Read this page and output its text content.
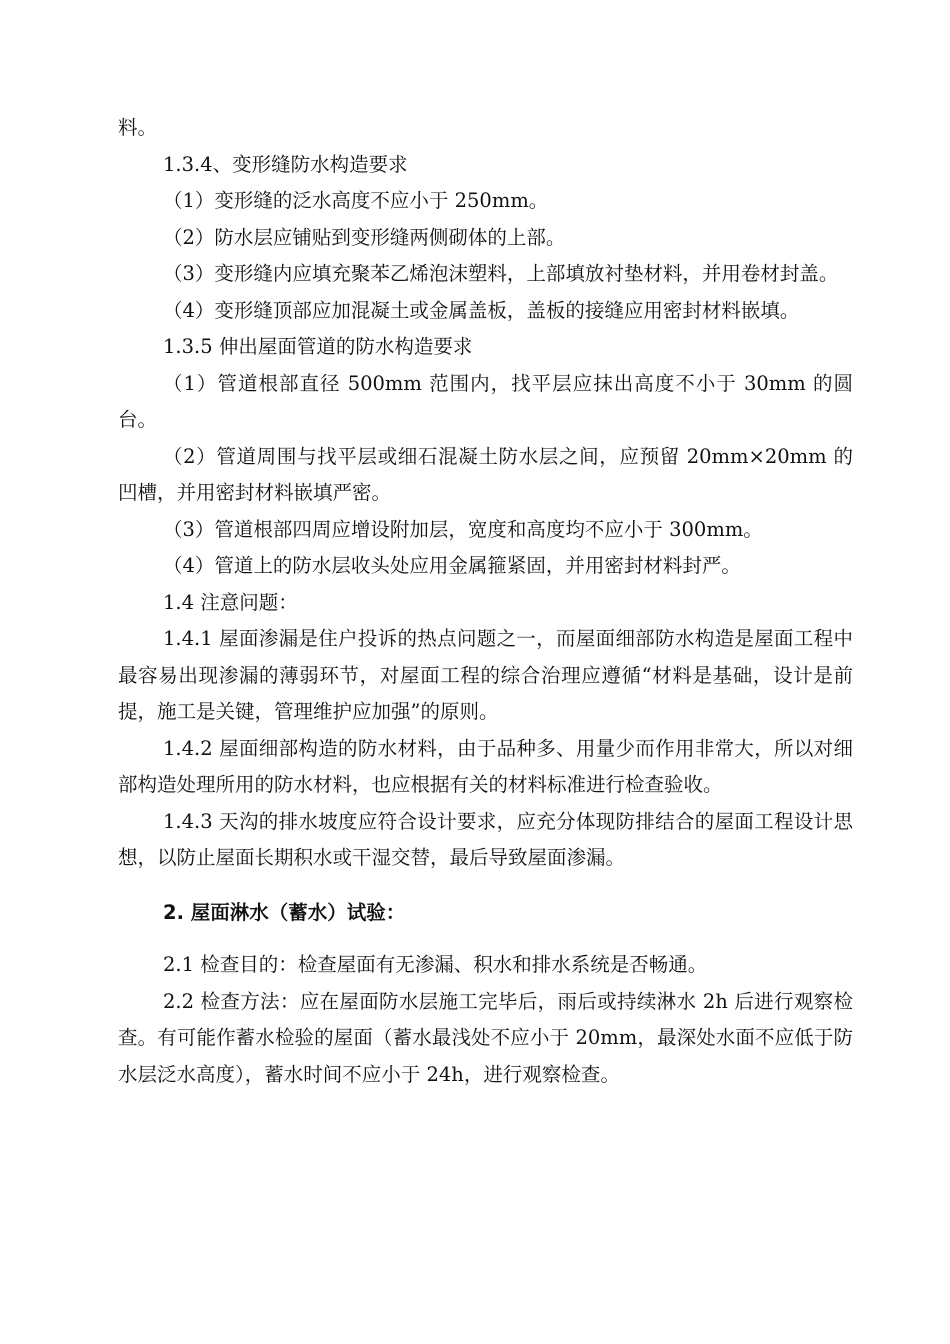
料。

1.3.4、变形缝防水构造要求

（1）变形缝的泛水高度不应小于 250mm。

（2）防水层应铺贴到变形缝两侧砌体的上部。

（3）变形缝内应填充聚苯乙烯泡沫塑料，上部填放衬垫材料，并用卷材封盖。

（4）变形缝顶部应加混凝土或金属盖板，盖板的接缝应用密封材料嵌填。

1.3.5 伸出屋面管道的防水构造要求

（1）管道根部直径 500mm 范围内，找平层应抹出高度不小于 30mm 的圆台。

（2）管道周围与找平层或细石混凝土防水层之间，应预留 20mm×20mm 的凹槽，并用密封材料嵌填严密。

（3）管道根部四周应增设附加层，宽度和高度均不应小于 300mm。

（4）管道上的防水层收头处应用金属箍紧固，并用密封材料封严。

1.4 注意问题：

1.4.1 屋面渗漏是住户投诉的热点问题之一，而屋面细部防水构造是屋面工程中最容易出现渗漏的薄弱环节，对屋面工程的综合治理应遵循“材料是基础，设计是前提，施工是关键，管理维护应加强”的原则。

1.4.2 屋面细部构造的防水材料，由于品种多、用量少而作用非常大，所以对细部构造处理所用的防水材料，也应根据有关的材料标准进行检查验收。

1.4.3 天沟的排水坡度应符合设计要求，应充分体现防排结合的屋面工程设计思想，以防止屋面长期积水或干湿交替，最后导致屋面渗漏。

2. 屋面淋水（蓄水）试验：

2.1 检查目的：检查屋面有无渗漏、积水和排水系统是否畅通。

2.2 检查方法：应在屋面防水层施工完毕后，雨后或持续淋水 2h 后进行观察检查。有可能作蓄水检验的屋面（蓄水最浅处不应小于 20mm，最深处水面不应低于防水层泛水高度），蓄水时间不应小于 24h，进行观察检查。
